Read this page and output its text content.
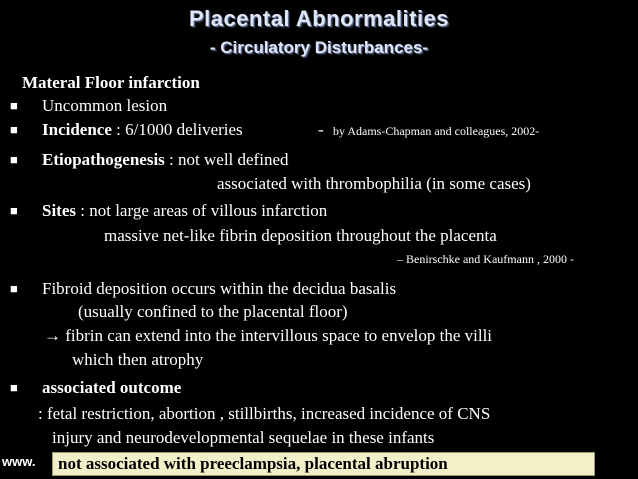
Placental Abnormalities
- Circulatory Disturbances-
Materal Floor infarction
■ Uncommon lesion
■ Incidence : 6/1000 deliveries	- by Adams-Chapman and colleagues, 2002-
■ Etiopathogenesis : not well defined
associated with thrombophilia (in some cases)
■ Sites : not large areas of villous infarction
massive net-like fibrin deposition throughout the placenta
– Benirschke and Kaufmann , 2000 -
■ Fibroid deposition occurs within the decidua basalis
(usually confined to the placental floor)
→ fibrin can extend into the intervillous space to envelop the villi
which then atrophy
■ associated outcome
: fetal restriction, abortion , stillbirths, increased incidence of CNS
injury and neurodevelopmental sequelae in these infants
www. not associated with preeclampsia, placental abruption
